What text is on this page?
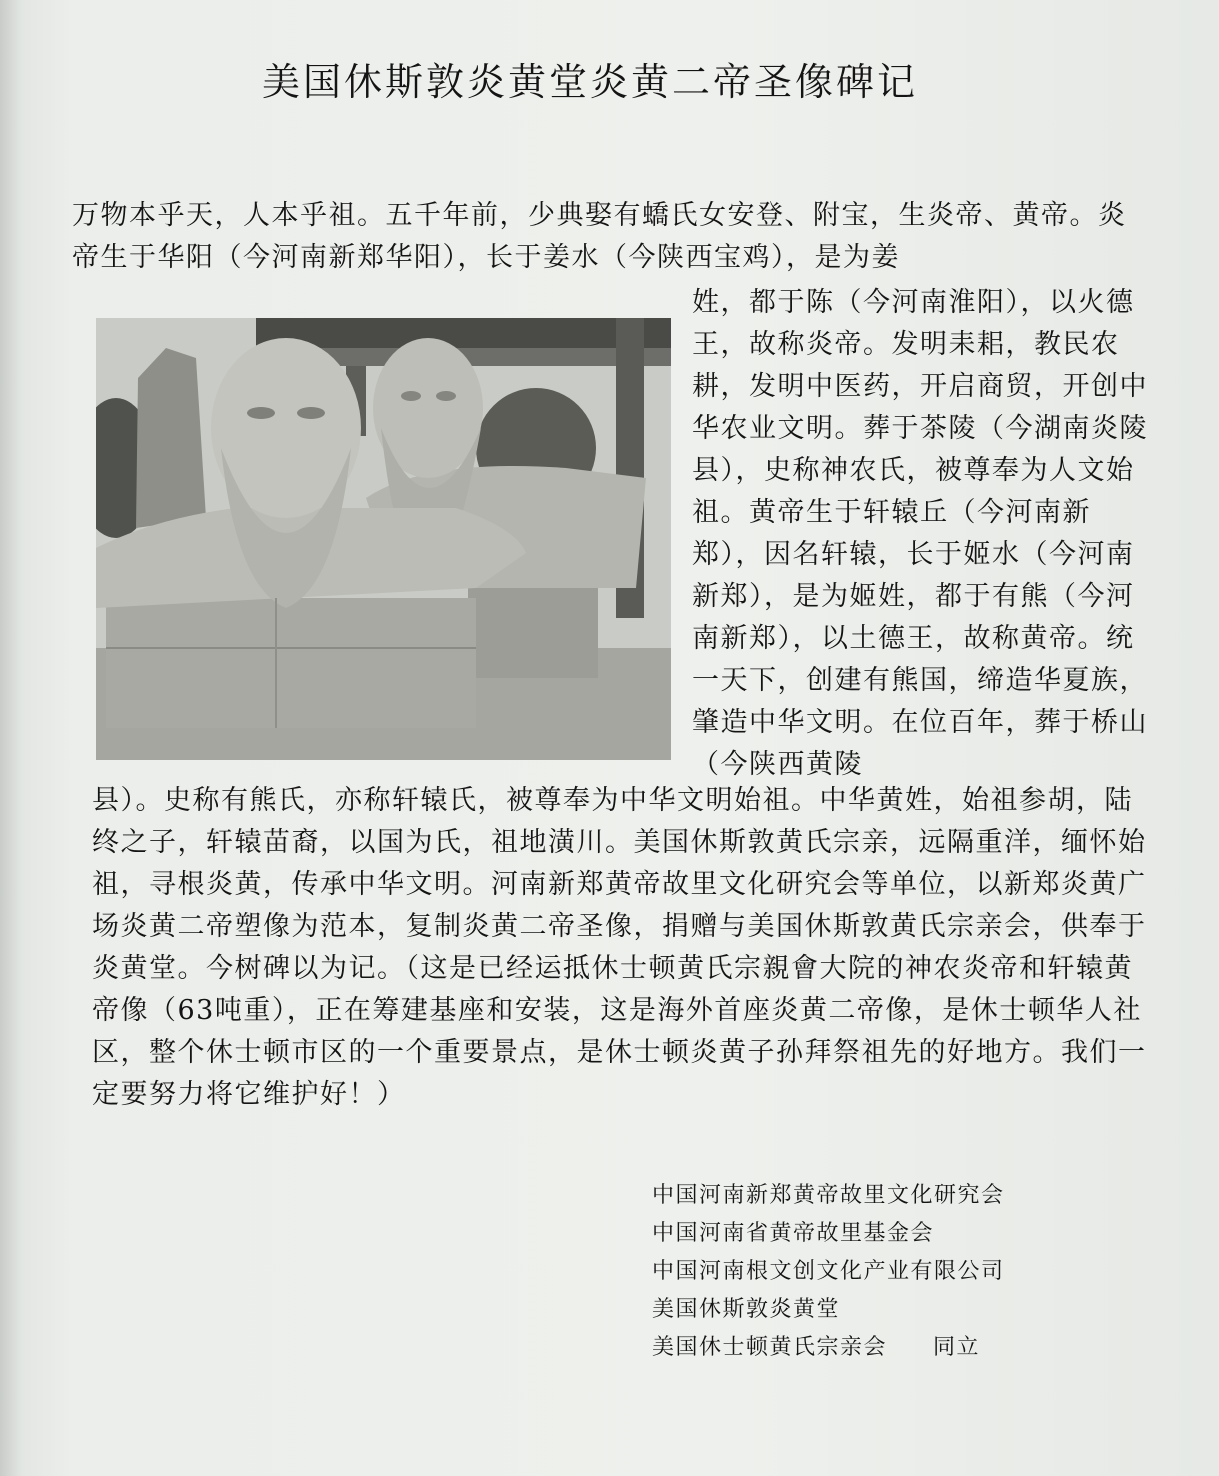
美国休斯敦炎黄堂炎黄二帝圣像碑记

万物本乎天，人本乎祖。五千年前，少典娶有蟜氏女安登、附宝，生炎帝、黄帝。炎帝生于华阳（今河南新郑华阳），长于姜水（今陕西宝鸡），是为姜

姓，都于陈（今河南淮阳），以火德王，故称炎帝。发明耒耜，教民农耕，发明中医药，开启商贸，开创中华农业文明。葬于茶陵（今湖南炎陵县），史称神农氏，被尊奉为人文始祖。黄帝生于轩辕丘（今河南新郑），因名轩辕，长于姬水（今河南新郑），是为姬姓，都于有熊（今河南新郑），以土德王，故称黄帝。统一天下，创建有熊国，缔造华夏族，肇造中华文明。在位百年，葬于桥山（今陕西黄陵

县）。史称有熊氏，亦称轩辕氏，被尊奉为中华文明始祖。中华黄姓，始祖参胡，陆终之子，轩辕苗裔，以国为氏，祖地潢川。美国休斯敦黄氏宗亲，远隔重洋，缅怀始祖，寻根炎黄，传承中华文明。河南新郑黄帝故里文化研究会等单位，以新郑炎黄广场炎黄二帝塑像为范本，复制炎黄二帝圣像，捐赠与美国休斯敦黄氏宗亲会，供奉于炎黄堂。今树碑以为记。（这是已经运抵休士顿黄氏宗親會大院的神农炎帝和轩辕黄帝像（63吨重），正在筹建基座和安装，这是海外首座炎黄二帝像，是休士顿华人社区，整个休士顿市区的一个重要景点，是休士顿炎黄子孙拜祭祖先的好地方。我们一定要努力将它维护好！）

中国河南新郑黄帝故里文化研究会
中国河南省黄帝故里基金会
中国河南根文创文化产业有限公司
美国休斯敦炎黄堂
美国休士顿黄氏宗亲会 同立
